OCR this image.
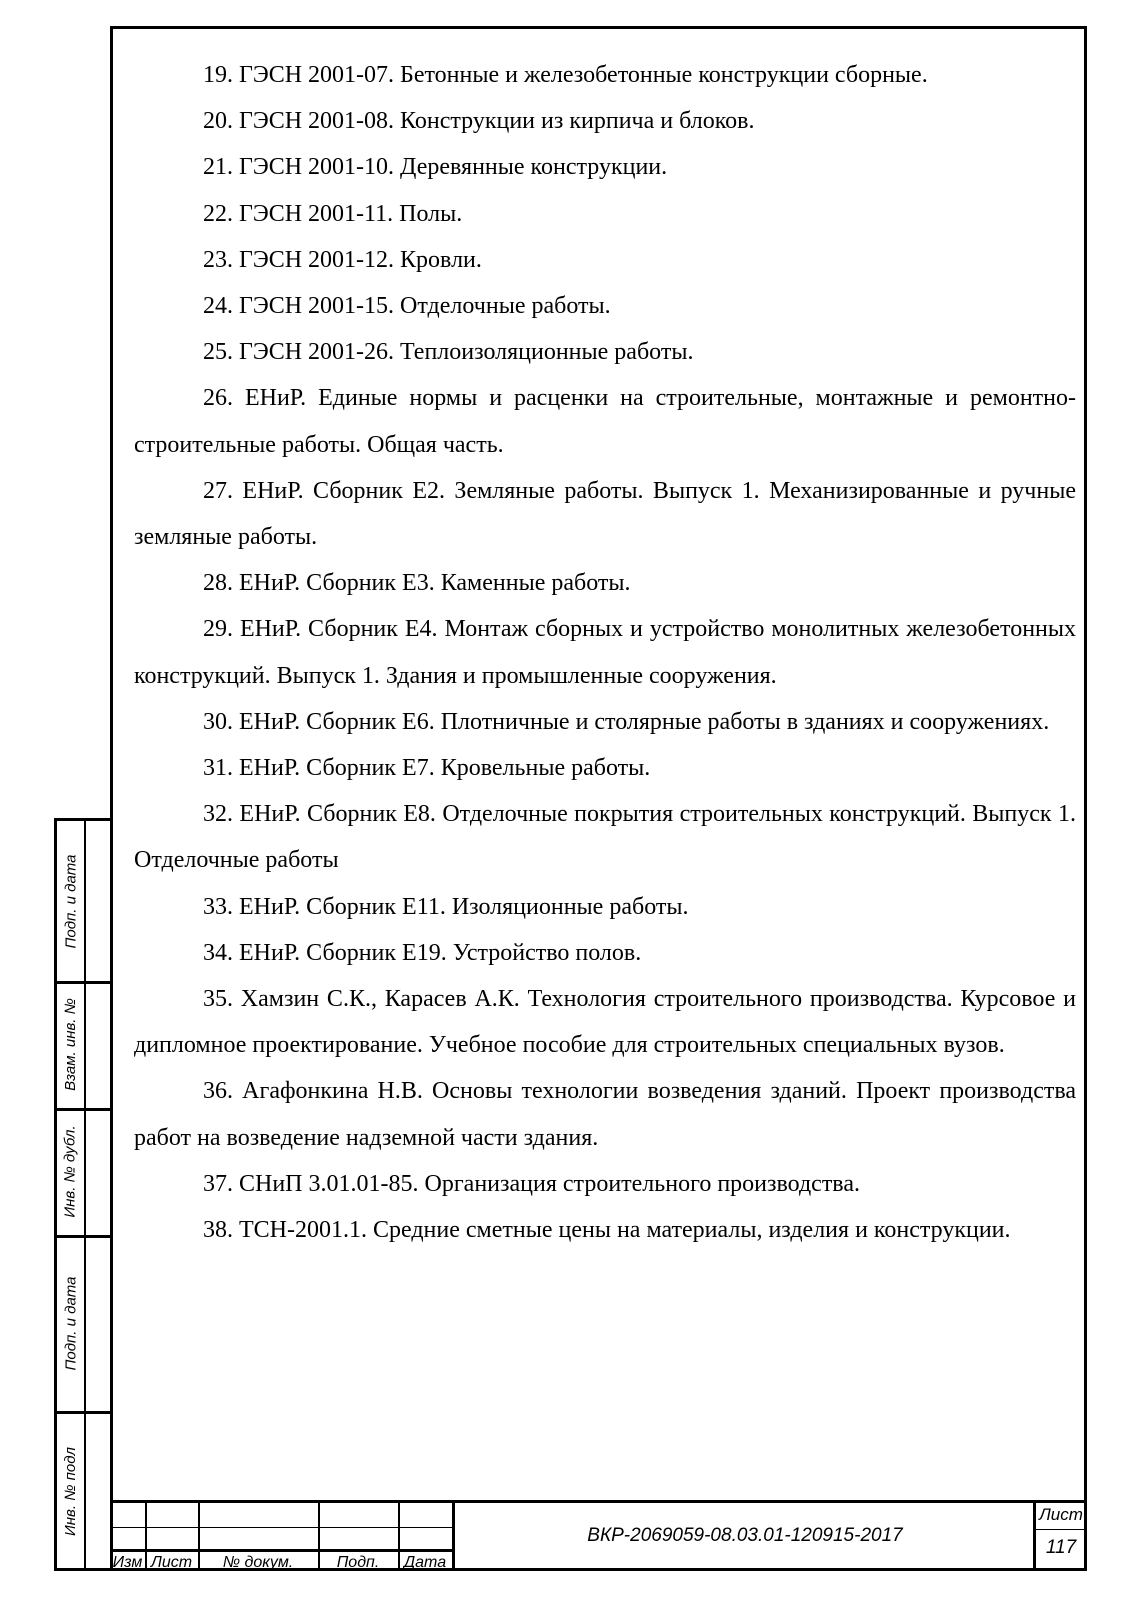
Подп. и дата
Взам. инв. №
Инв. № дубл.
Подп. и дата
Инв. № подл

19. ГЭСН 2001-07. Бетонные и железобетонные конструкции сборные.

20. ГЭСН 2001-08. Конструкции из кирпича и блоков.

21. ГЭСН 2001-10. Деревянные конструкции.

22. ГЭСН 2001-11. Полы.

23. ГЭСН 2001-12. Кровли.

24. ГЭСН 2001-15. Отделочные работы.

25. ГЭСН 2001-26. Теплоизоляционные работы.

26. ЕНиР. Единые нормы и расценки на строительные, монтажные и ремонтно-строительные работы. Общая часть.

27. ЕНиР. Сборник Е2. Земляные работы. Выпуск 1. Механизированные и ручные земляные работы.

28. ЕНиР. Сборник Е3. Каменные работы.

29. ЕНиР. Сборник Е4. Монтаж сборных и устройство монолитных железобетонных конструкций. Выпуск 1. Здания и промышленные сооружения.

30. ЕНиР. Сборник Е6. Плотничные и столярные работы в зданиях и сооружениях.

31. ЕНиР. Сборник Е7. Кровельные работы.

32. ЕНиР. Сборник Е8. Отделочные покрытия строительных конструкций. Выпуск 1. Отделочные работы

33. ЕНиР. Сборник Е11. Изоляционные работы.

34. ЕНиР. Сборник Е19. Устройство полов.

35. Хамзин С.К., Карасев А.К. Технология строительного производства. Курсовое и дипломное проектирование. Учебное пособие для строительных специальных вузов.

36. Агафонкина Н.В. Основы технологии возведения зданий. Проект производства работ на возведение надземной части здания.

37. СНиП 3.01.01-85. Организация строительного производства.

38. ТСН-2001.1. Средние сметные цены на материалы, изделия и конструкции.

Изм Лист	№ докум.	Подп.	Дата
ВКР-2069059-08.03.01-120915-2017
Лист
117
